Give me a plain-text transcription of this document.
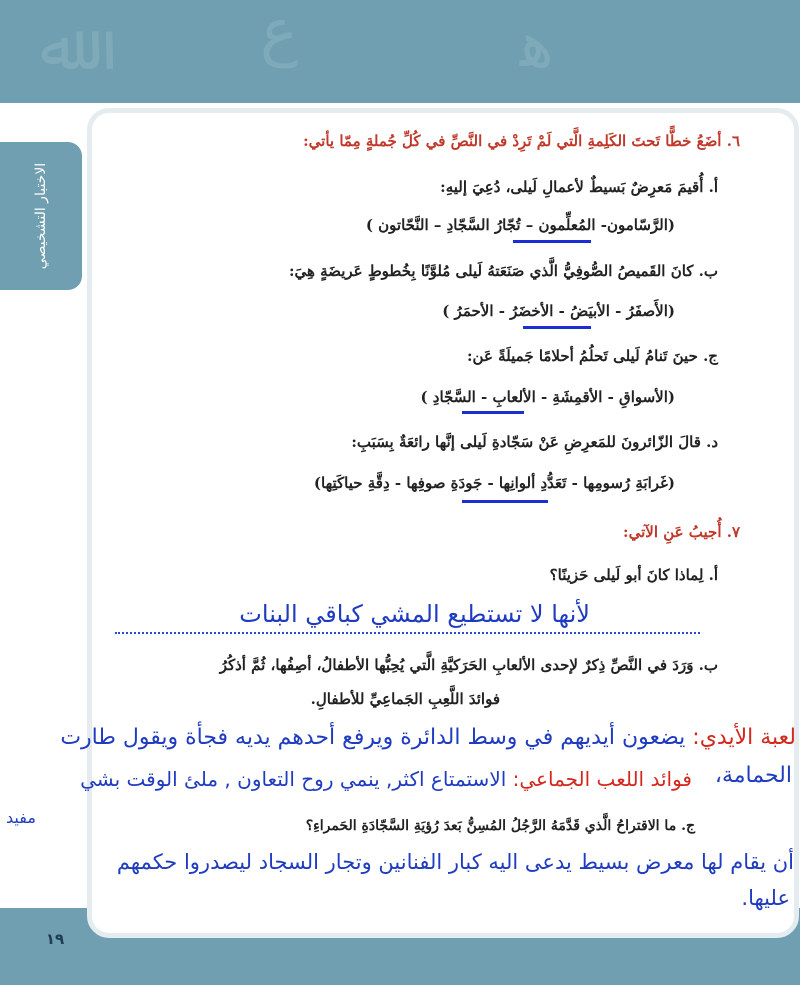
ﷲ	ﻉ	ﻫ
الاختبار التشخيصي
١٩
٦. أضَعُ خطًّا تَحتَ الكَلِمةِ الَّتي لَمْ تَرِدْ في النَّصِّ في كُلِّ جُملةٍ مِمّا يأتي:
أ. أُقيمَ مَعرِضٌ بَسيطٌ لأعمالِ لَيلى، دُعِيَ إليهِ:
(الرَّسّامون- المُعلِّمون – تُجّارُ السَّجّادِ – النَّحّاتون )
ب. كانَ القَميصُ الصُّوفِيُّ الَّذي صَنَعَتهُ لَيلى مُلوَّنًا بِخُطوطٍ عَريضَةٍ هِيَ:
(الأَصفَرُ - الأبيَضُ - الأخضَرُ - الأحمَرُ )
ج. حينَ تَنامُ لَيلى تَحلُمُ أحلامًا جَميلَةً عَن:
(الأسواقِ - الأقمِشَةِ - الألعابِ - السَّجّادِ )
د. قالَ الزّائرونَ للمَعرِضِ عَنْ سَجّادةِ لَيلى إنَّها رائعَةٌ بِسَبَبِ:
(غَرابَةِ رُسومِها - تَعَدُّدِ ألوانِها - جَودَةِ صوفِها - دِقَّةِ حياكَتِها)
٧. أُجيبُ عَنِ الآتي:
أ. لِماذا كانَ أبو لَيلى حَزينًا؟
لأنها لا تستطيع المشي كباقي البنات
ب. وَرَدَ في النَّصِّ ذِكرٌ لإحدى الألعابِ الحَرَكيَّةِ الَّتي يُحِبُّها الأطفالُ، أصِفُها، ثُمَّ أذكُرُ
فوائدَ اللَّعِبِ الجَماعِيِّ للأطفالِ.
لعبة الأيدي: يضعون أيديهم في وسط الدائرة ويرفع أحدهم يديه فجأة ويقول طارت
الحمامة،
فوائد اللعب الجماعي: الاستمتاع اكثر, ينمي روح التعاون , ملئ الوقت بشي
مفيد	ج. ما الاقتراحُ الَّذي قَدَّمَهُ الرَّجُلُ المُسِنُّ بَعدَ رُؤيَةِ السَّجّادَةِ الحَمراءِ؟
أن يقام لها معرض بسيط يدعى اليه كبار الفنانين وتجار السجاد ليصدروا حكمهم
عليها.
